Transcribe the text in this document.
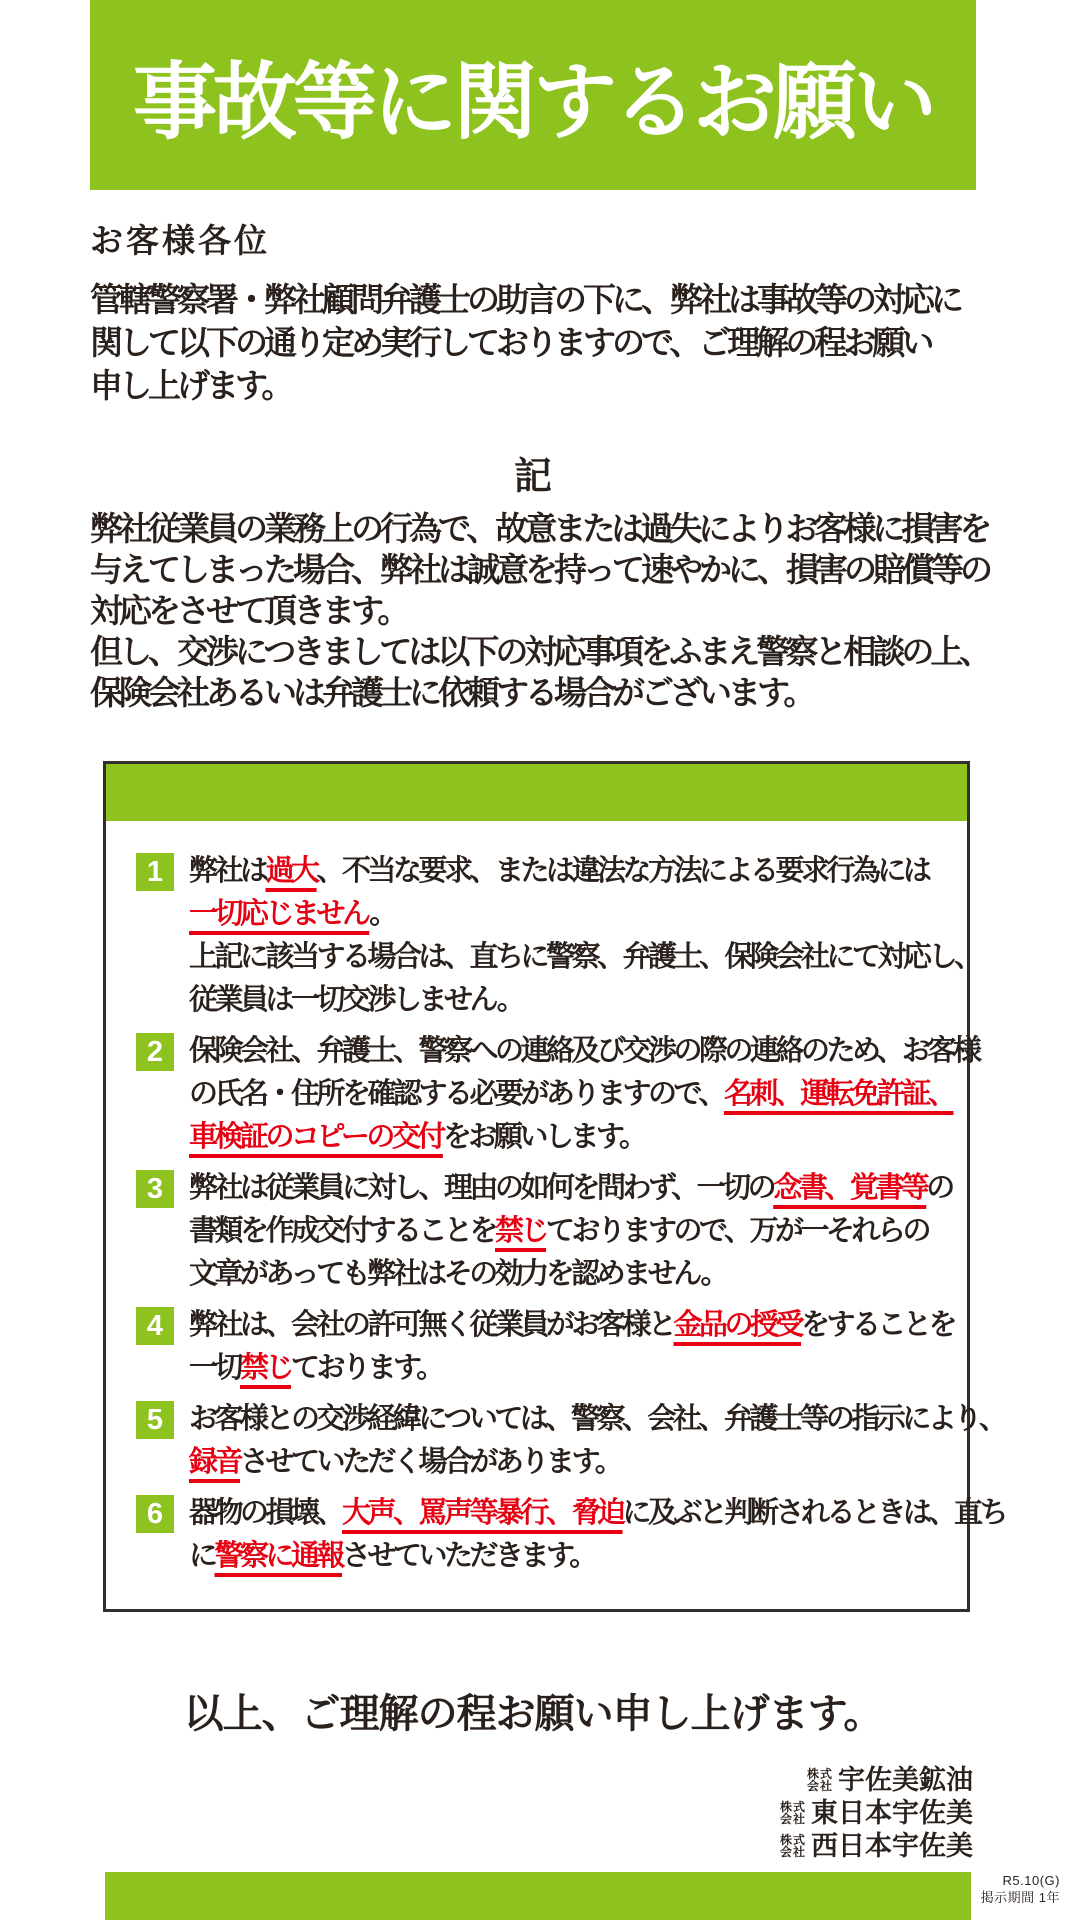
事故等に関するお願い
お客様各位
管轄警察署・弊社顧問弁護士の助言の下に、弊社は事故等の対応に
関して以下の通り定め実行しておりますので、ご理解の程お願い
申し上げます。
記
弊社従業員の業務上の行為で、故意または過失によりお客様に損害を
与えてしまった場合、弊社は誠意を持って速やかに、損害の賠償等の
対応をさせて頂きます。
但し、交渉につきましては以下の対応事項をふまえ警察と相談の上、
保険会社あるいは弁護士に依頼する場合がございます。
1 弊社は過大、不当な要求、または違法な方法による要求行為には
一切応じません。
上記に該当する場合は、直ちに警察、弁護士、保険会社にて対応し、
従業員は一切交渉しません。
2 保険会社、弁護士、警察への連絡及び交渉の際の連絡のため、お客様
の氏名・住所を確認する必要がありますので、名刺、運転免許証、
車検証のコピーの交付をお願いします。
3 弊社は従業員に対し、理由の如何を問わず、一切の念書、覚書等の
書類を作成交付することを禁じておりますので、万が一それらの
文章があっても弊社はその効力を認めません。
4 弊社は、会社の許可無く従業員がお客様と金品の授受をすることを
一切禁じております。
5 お客様との交渉経緯については、警察、会社、弁護士等の指示により、
録音させていただく場合があります。
6 器物の損壊、大声、罵声等暴行、脅迫に及ぶと判断されるときは、直ち
に警察に通報させていただきます。
以上、ご理解の程お願い申し上げます。
株式
会社 宇佐美鉱油
株式
会社 東日本宇佐美
株式
会社 西日本宇佐美
R5.10(G)
掲示期間 1年
